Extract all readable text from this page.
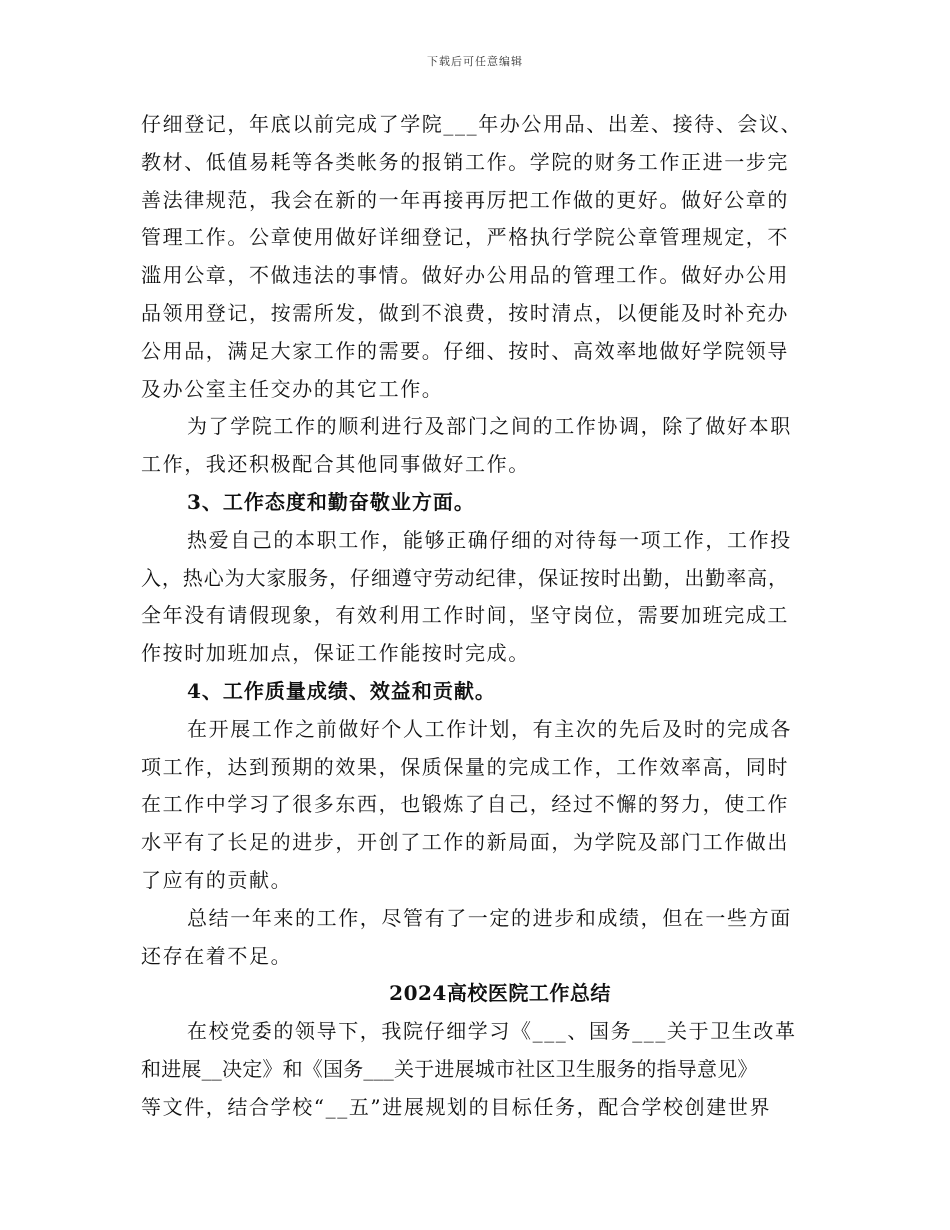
下载后可任意编辑
仔细登记，年底以前完成了学院___年办公用品、出差、接待、会议、
教材、低值易耗等各类帐务的报销工作。学院的财务工作正进一步完
善法律规范，我会在新的一年再接再厉把工作做的更好。做好公章的
管理工作。公章使用做好详细登记，严格执行学院公章管理规定，不
滥用公章，不做违法的事情。做好办公用品的管理工作。做好办公用
品领用登记，按需所发，做到不浪费，按时清点，以便能及时补充办
公用品，满足大家工作的需要。仔细、按时、高效率地做好学院领导
及办公室主任交办的其它工作。
为了学院工作的顺利进行及部门之间的工作协调，除了做好本职
工作，我还积极配合其他同事做好工作。
3、工作态度和勤奋敬业方面。
热爱自己的本职工作，能够正确仔细的对待每一项工作，工作投
入，热心为大家服务，仔细遵守劳动纪律，保证按时出勤，出勤率高，
全年没有请假现象，有效利用工作时间，坚守岗位，需要加班完成工
作按时加班加点，保证工作能按时完成。
4、工作质量成绩、效益和贡献。
在开展工作之前做好个人工作计划，有主次的先后及时的完成各
项工作，达到预期的效果，保质保量的完成工作，工作效率高，同时
在工作中学习了很多东西，也锻炼了自己，经过不懈的努力，使工作
水平有了长足的进步，开创了工作的新局面，为学院及部门工作做出
了应有的贡献。
总结一年来的工作，尽管有了一定的进步和成绩，但在一些方面
还存在着不足。
2024高校医院工作总结
在校党委的领导下，我院仔细学习《___、国务___关于卫生改革
和进展__决定》和《国务___关于进展城市社区卫生服务的指导意见》
等文件，结合学校“__五”进展规划的目标任务，配合学校创建世界
